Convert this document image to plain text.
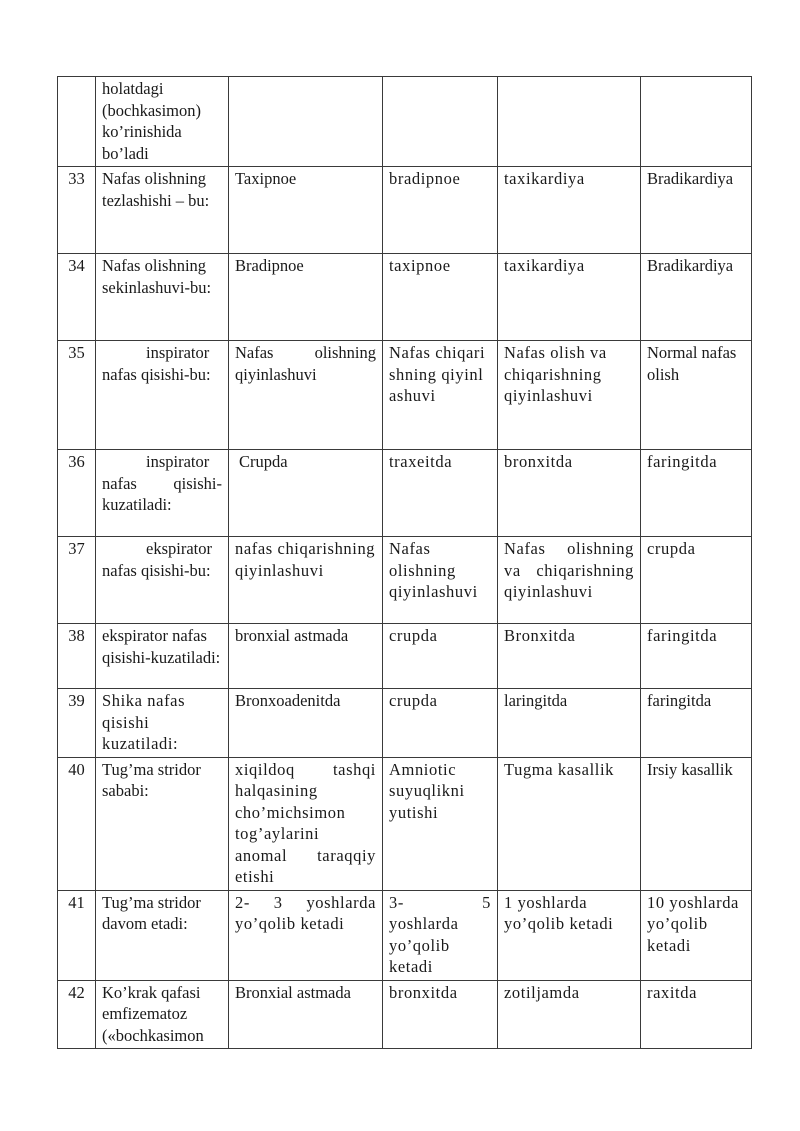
	holatdagi (bochkasimon) ko’rinishida bo’ladi				
33	Nafas olishning tezlashishi – bu:	Taxipnoe	bradipnoe	taxikardiya	Bradikardiya
34	Nafas olishning sekinlashuvi-bu:	Bradipnoe	taxipnoe	taxikardiya	Bradikardiya
35	inspirator nafas qisishi-bu:	Nafas olishning qiyinlashuvi	Nafas chiqarishning qiyinlashuvi	Nafas olish va chiqarishning qiyinlashuvi	Normal nafas olish
36	inspirator nafas qisishi-kuzatiladi:	Crupda	traxeitda	bronxitda	faringitda
37	ekspirator nafas qisishi-bu:	nafas chiqarishning qiyinlashuvi	Nafas olishning qiyinlashuvi	Nafas olishning va chiqarishning qiyinlashuvi	crupda
38	ekspirator nafas qisishi-kuzatiladi:	bronxial astmada	crupda	Bronxitda	faringitda
39	Shika nafas qisishi kuzatiladi:	Bronxoadenitda	crupda	laringitda	faringitda
40	Tug’ma stridor sababi:	xiqildoq tashqi halqasining cho’michsimon tog’aylarini anomal taraqqiy etishi	Amniotic suyuqlikni yutishi	Tugma kasallik	Irsiy kasallik
41	Tug’ma stridor davom etadi:	2- 3 yoshlarda yo’qolib ketadi	3- 5 yoshlarda yo’qolib ketadi	1 yoshlarda yo’qolib ketadi	10 yoshlarda yo’qolib ketadi
42	Ko’krak qafasi emfizematoz («bochkasimon	Bronxial astmada	bronxitda	zotiljamda	raxitda
